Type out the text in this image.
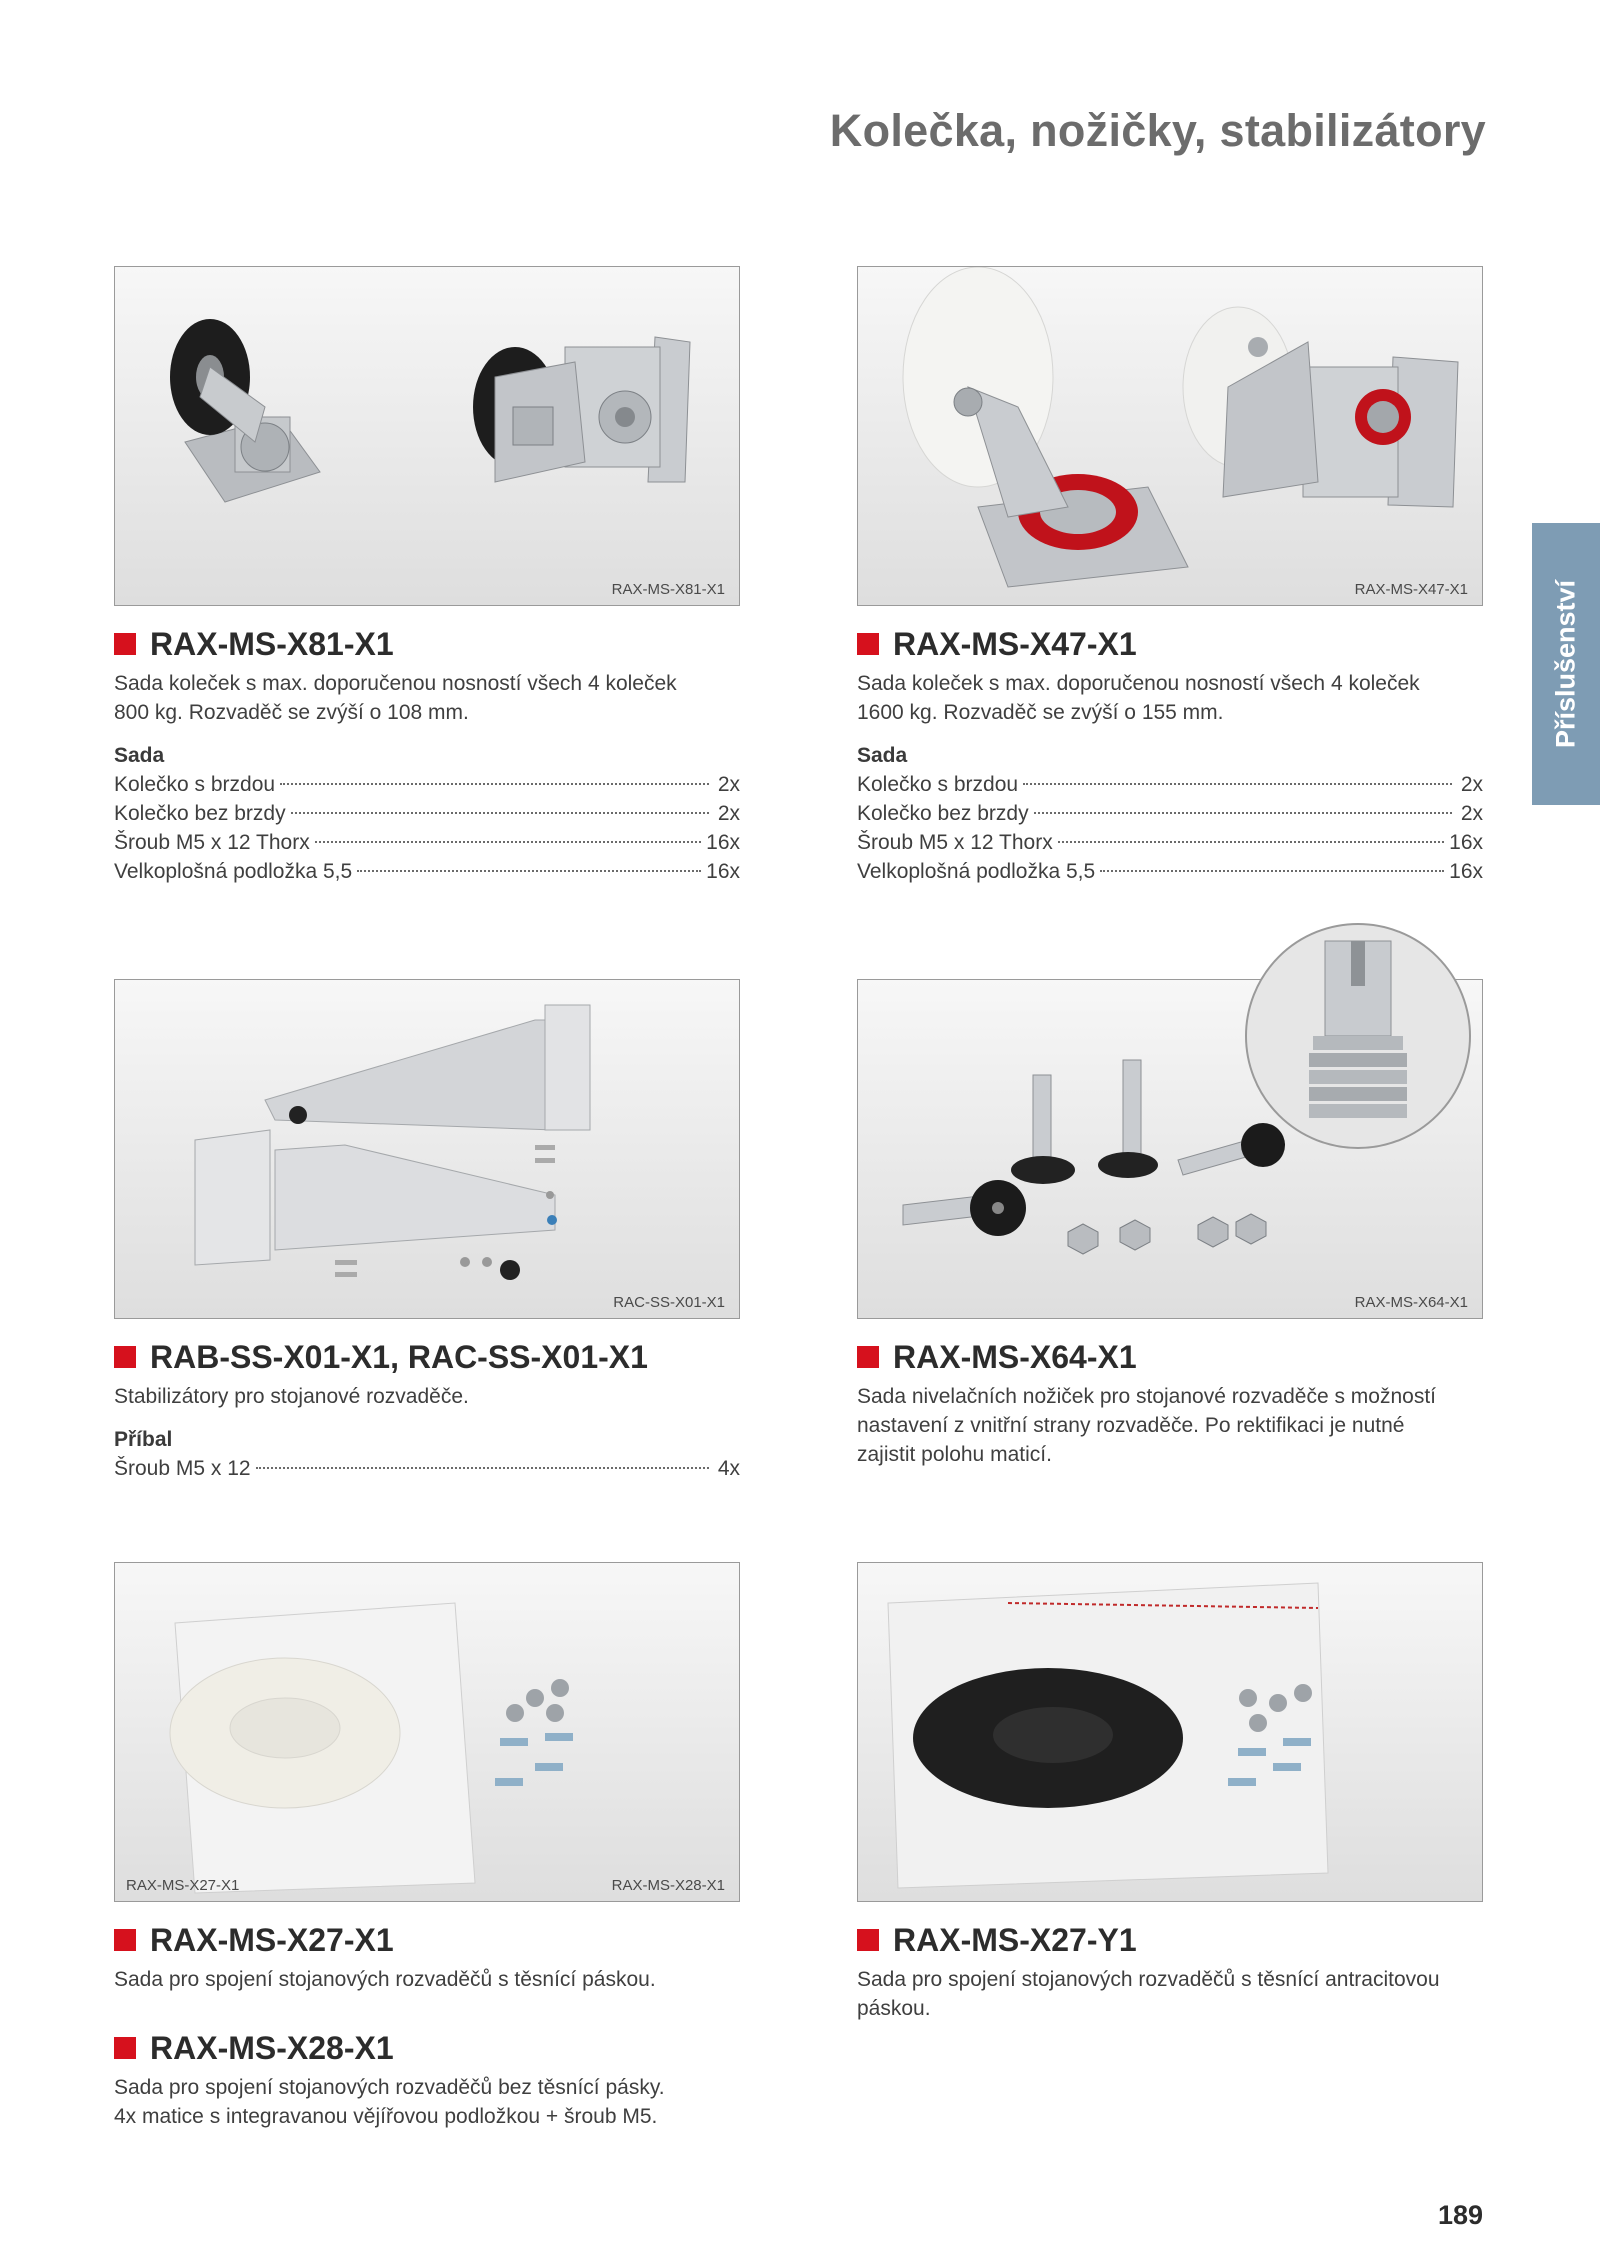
Kolečka, nožičky, stabilizátory
Příslušenství
RAX-MS-X81-X1
RAX-MS-X81-X1

Sada koleček s max. doporučenou nosností všech 4 koleček

800 kg. Rozvaděč se zvýší o 108 mm.

Sada
Kolečko s brzdou	2x
Kolečko bez brzdy	2x
Šroub M5 x 12 Thorx	16x
Velkoplošná podložka 5,5	16x
RAX-MS-X47-X1
RAX-MS-X47-X1

Sada koleček s max. doporučenou nosností všech 4 koleček

1600 kg. Rozvaděč se zvýší o 155 mm.

Sada
Kolečko s brzdou	2x
Kolečko bez brzdy	2x
Šroub M5 x 12 Thorx	16x
Velkoplošná podložka 5,5	16x
RAC-SS-X01-X1
RAB-SS-X01-X1, RAC-SS-X01-X1

Stabilizátory pro stojanové rozvaděče.

Příbal
Šroub M5 x 12	4x
RAX-MS-X64-X1
RAX-MS-X64-X1

Sada nivelačních nožiček pro stojanové rozvaděče s možností

nastavení z vnitřní strany rozvaděče. Po rektifikaci je nutné

zajistit polohu maticí.

RAX-MS-X27-X1	RAX-MS-X28-X1
RAX-MS-X27-X1

Sada pro spojení stojanových rozvaděčů s těsnící páskou.

RAX-MS-X28-X1

Sada pro spojení stojanových rozvaděčů bez těsnící pásky.

4x matice s integravanou vějířovou podložkou + šroub M5.

RAX-MS-X27-Y1

Sada pro spojení stojanových rozvaděčů s těsnící antracitovou

páskou.

189
